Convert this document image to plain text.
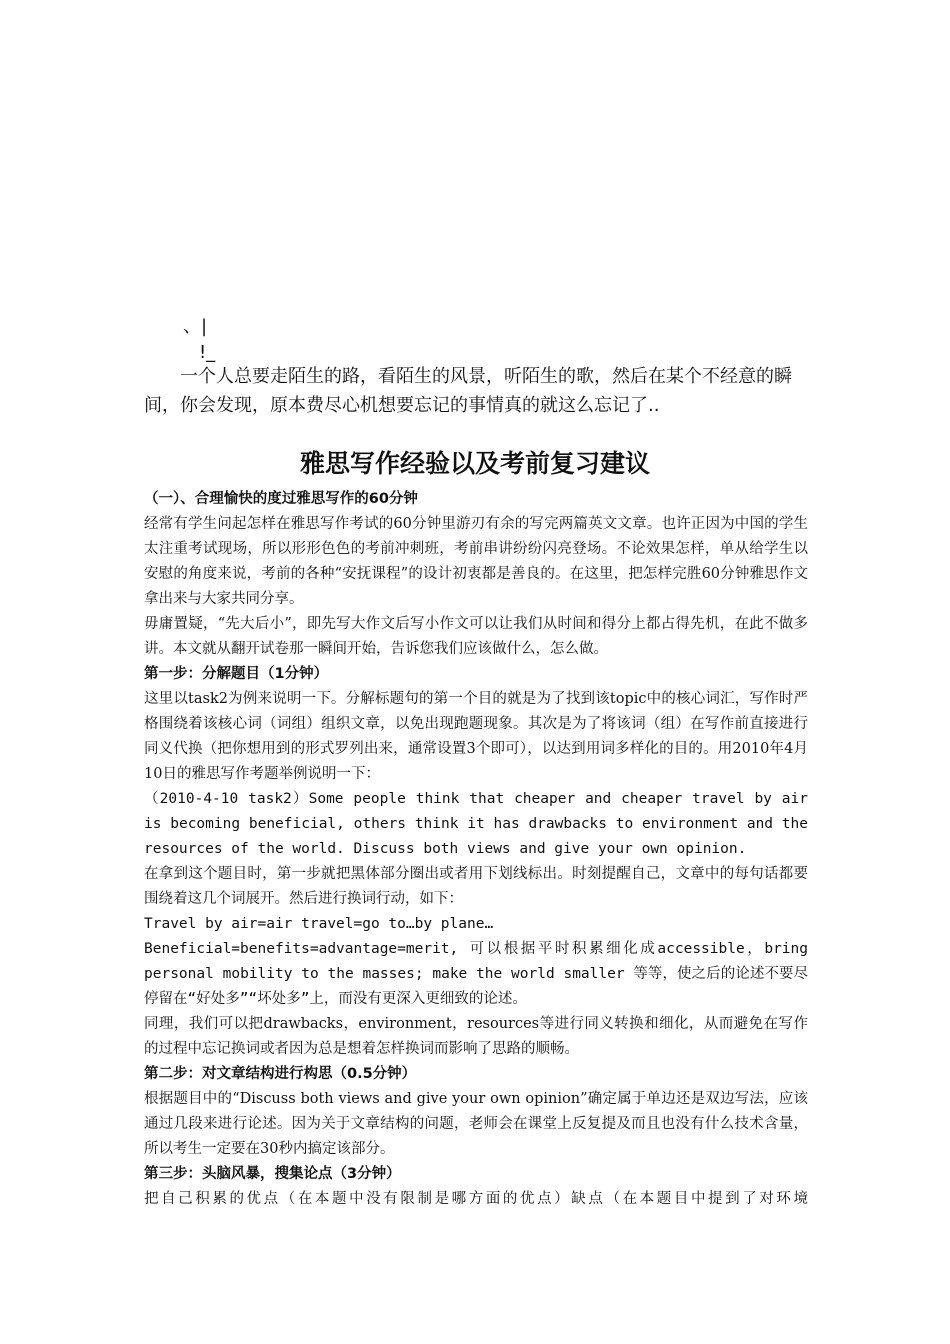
、|
!_

一个人总要走陌生的路，看陌生的风景，听陌生的歌，然后在某个不经意的瞬间，你会发现，原本费尽心机想要忘记的事情真的就这么忘记了..

雅思写作经验以及考前复习建议

（一）、合理愉快的度过雅思写作的60分钟

经常有学生问起怎样在雅思写作考试的60分钟里游刃有余的写完两篇英文文章。也许正因为中国的学生太注重考试现场，所以形形色色的考前冲刺班，考前串讲纷纷闪亮登场。不论效果怎样，单从给学生以安慰的角度来说，考前的各种“安抚课程”的设计初衷都是善良的。在这里，把怎样完胜60分钟雅思作文拿出来与大家共同分享。

毋庸置疑，“先大后小”，即先写大作文后写小作文可以让我们从时间和得分上都占得先机，在此不做多讲。本文就从翻开试卷那一瞬间开始，告诉您我们应该做什么，怎么做。

第一步：分解题目（1分钟）

这里以task2为例来说明一下。分解标题句的第一个目的就是为了找到该topic中的核心词汇，写作时严格围绕着该核心词（词组）组织文章，以免出现跑题现象。其次是为了将该词（组）在写作前直接进行同义代换（把你想用到的形式罗列出来，通常设置3个即可），以达到用词多样化的目的。用2010年4月10日的雅思写作考题举例说明一下：

（2010-4-10 task2）Some people think that cheaper and cheaper travel by air is becoming beneficial, others think it has drawbacks to environment and the resources of the world. Discuss both views and give your own opinion.

在拿到这个题目时，第一步就把黑体部分圈出或者用下划线标出。时刻提醒自己，文章中的每句话都要围绕着这几个词展开。然后进行换词行动，如下：

Travel by air=air travel=go to…by plane…

Beneficial=benefits=advantage=merit, 可以根据平时积累细化成accessible，bring personal mobility to the masses; make the world smaller 等等，使之后的论述不要尽停留在“好处多”“坏处多”上，而没有更深入更细致的论述。

同理，我们可以把drawbacks，environment，resources等进行同义转换和细化，从而避免在写作的过程中忘记换词或者因为总是想着怎样换词而影响了思路的顺畅。

第二步：对文章结构进行构思（0.5分钟）

根据题目中的“Discuss both views and give your own opinion”确定属于单边还是双边写法，应该通过几段来进行论述。因为关于文章结构的问题，老师会在课堂上反复提及而且也没有什么技术含量，所以考生一定要在30秒内搞定该部分。

第三步：头脑风暴，搜集论点（3分钟）

把自己积累的优点（在本题中没有限制是哪方面的优点）缺点（在本题目中提到了对环境
